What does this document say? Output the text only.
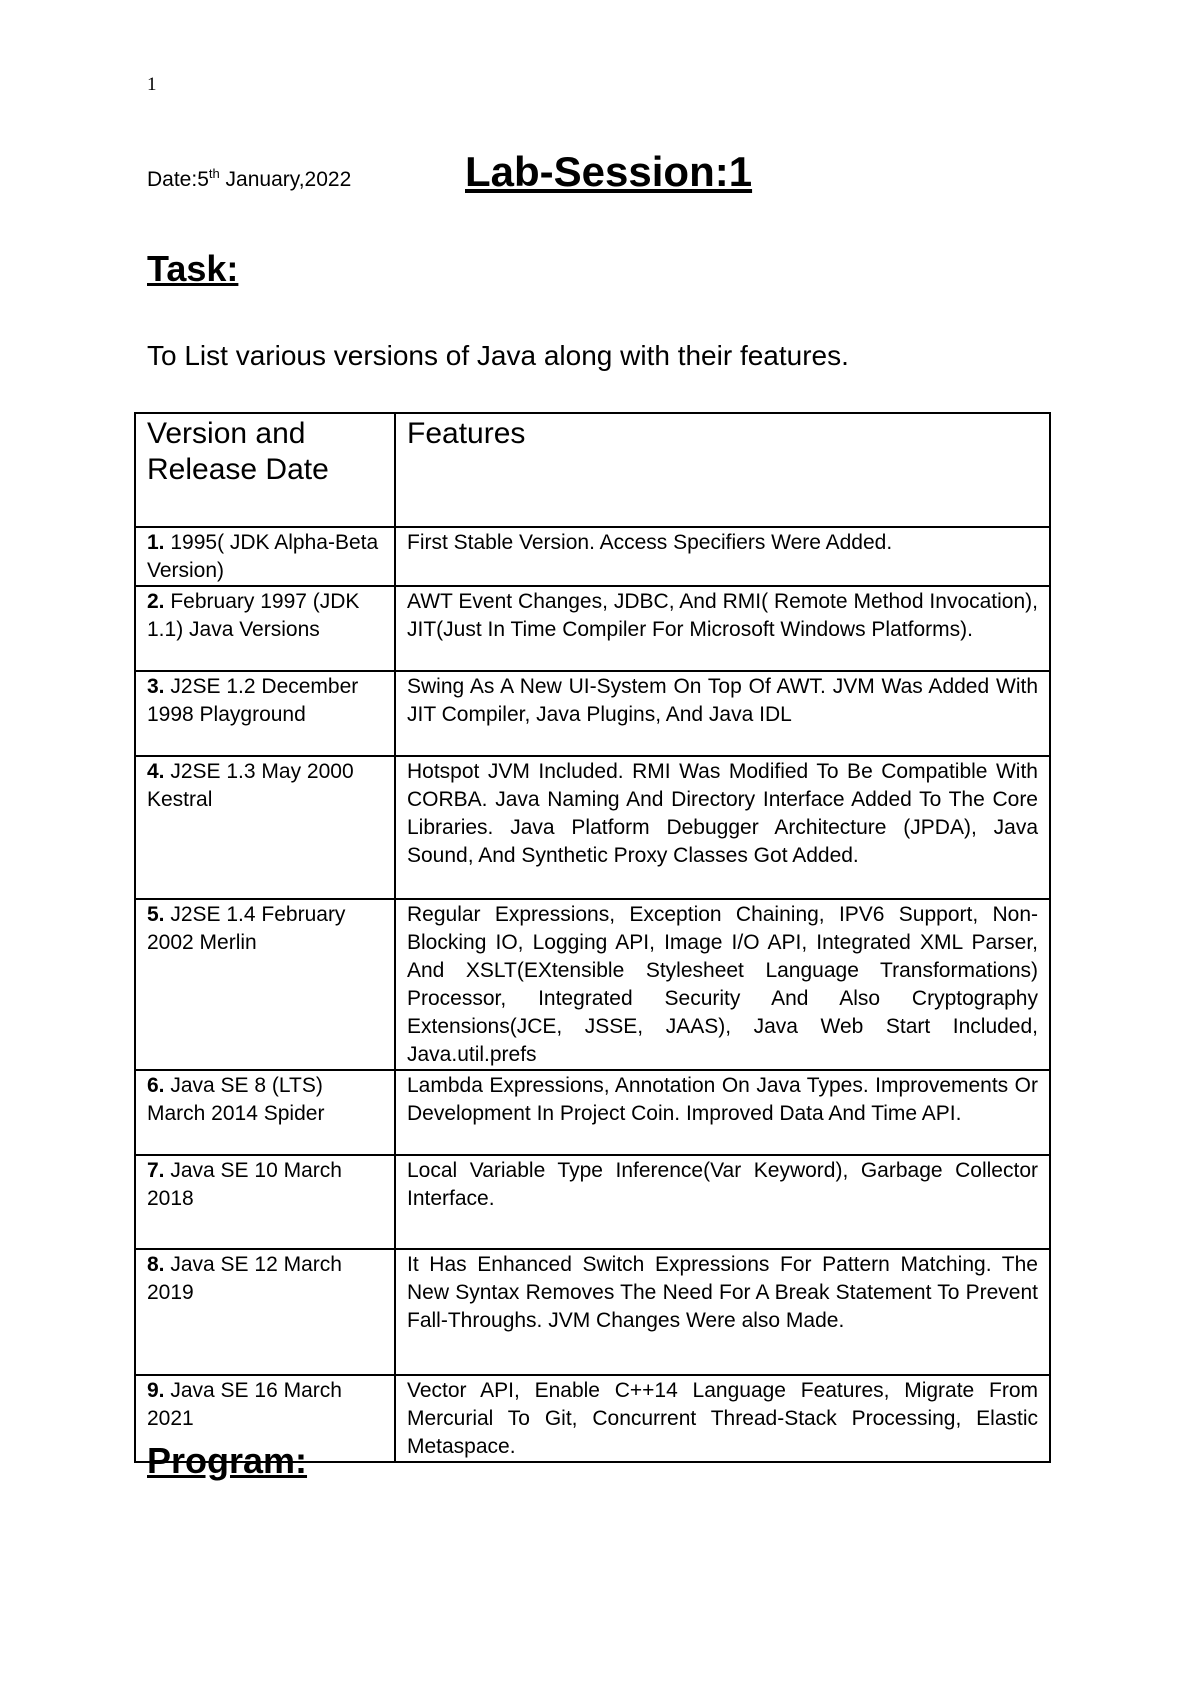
1
Date:5th January,2022	Lab-Session:1
Task:
To List various versions of Java along with their features.
Version and Release Date	Features
1. 1995( JDK Alpha-Beta Version)	First Stable Version. Access Specifiers Were Added.
2. February 1997 (JDK 1.1) Java Versions	AWT Event Changes, JDBC, And RMI( Remote Method Invocation), JIT(Just In Time Compiler For Microsoft Windows Platforms).
3. J2SE 1.2 December 1998 Playground	Swing As A New UI-System On Top Of AWT. JVM Was Added With JIT Compiler, Java Plugins, And Java IDL
4. J2SE 1.3 May 2000 Kestral	Hotspot JVM Included. RMI Was Modified To Be Compatible With CORBA. Java Naming And Directory Interface Added To The Core Libraries. Java Platform Debugger Architecture (JPDA), Java Sound, And Synthetic Proxy Classes Got Added.
5. J2SE 1.4 February 2002 Merlin	Regular Expressions, Exception Chaining, IPV6 Support, Non-Blocking IO, Logging API, Image I/O API, Integrated XML Parser, And XSLT(EXtensible Stylesheet Language Transformations) Processor, Integrated Security And Also Cryptography Extensions(JCE, JSSE, JAAS), Java Web Start Included, Java.util.prefs
6. Java SE 8 (LTS) March 2014 Spider	Lambda Expressions, Annotation On Java Types. Improvements Or Development In Project Coin. Improved Data And Time API.
7. Java SE 10 March 2018	Local Variable Type Inference(Var Keyword), Garbage Collector Interface.
8. Java SE 12 March 2019	It Has Enhanced Switch Expressions For Pattern Matching. The New Syntax Removes The Need For A Break Statement To Prevent Fall-Throughs. JVM Changes Were also Made.
9. Java SE 16 March 2021	Vector API, Enable C++14 Language Features, Migrate From Mercurial To Git, Concurrent Thread-Stack Processing, Elastic Metaspace.
Program:
